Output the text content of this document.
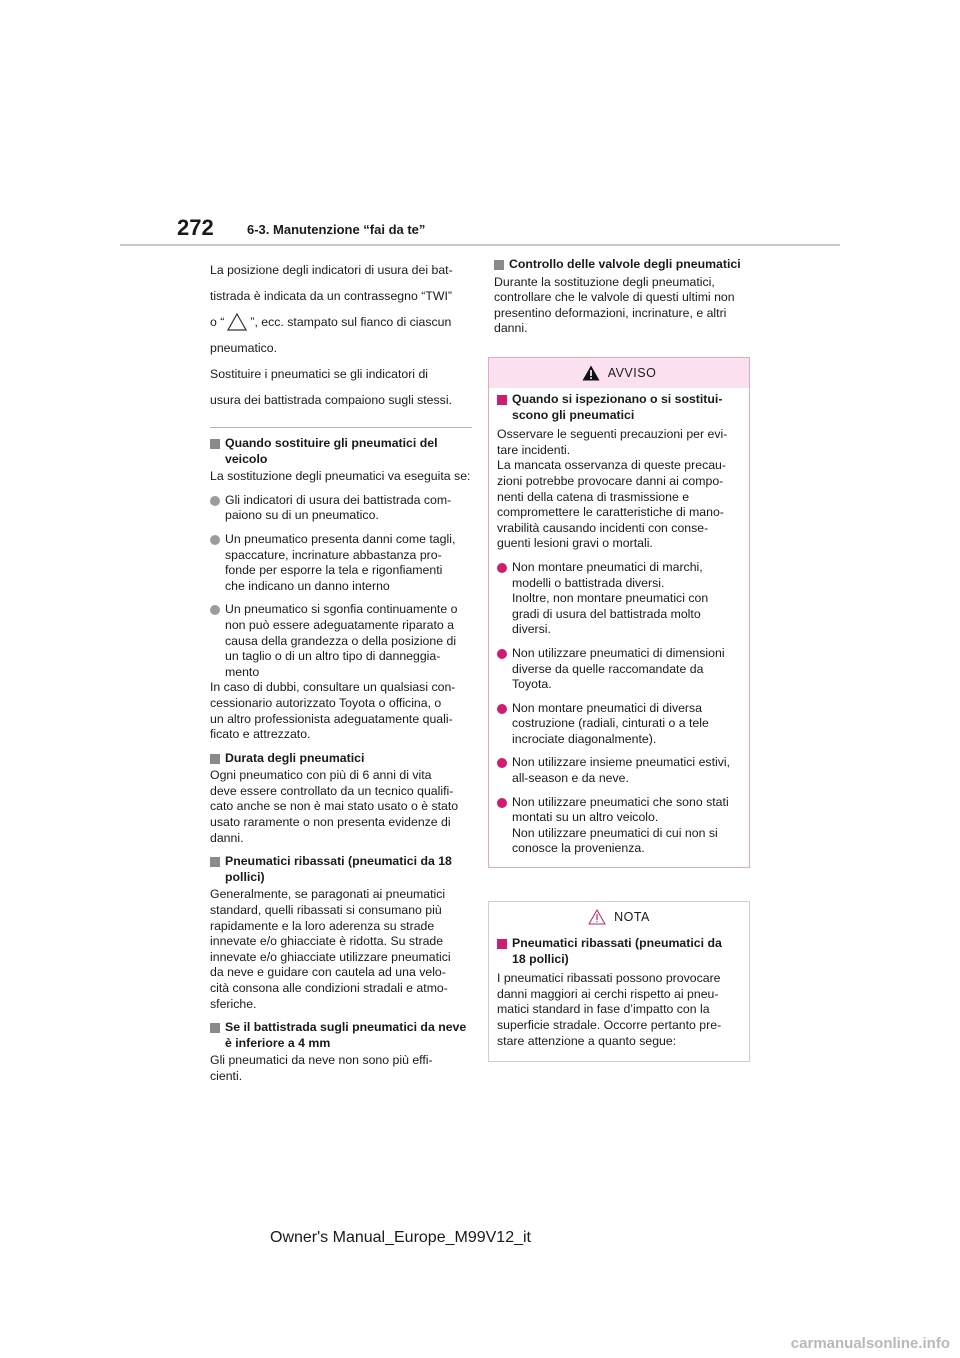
272	6-3. Manutenzione “fai da te”

La posizione degli indicatori di usura dei bat-

tistrada è indicata da un contrassegno “TWI”

o “ ”, ecc. stampato sul fianco di ciascun

pneumatico.

Sostituire i pneumatici se gli indicatori di

usura dei battistrada compaiono sugli stessi.

Quando sostituire gli pneumatici del veicolo
La sostituzione degli pneumatici va eseguita se:
Gli indicatori di usura dei battistrada com-
paiono su di un pneumatico.
Un pneumatico presenta danni come tagli,
spaccature, incrinature abbastanza pro-
fonde per esporre la tela e rigonfiamenti
che indicano un danno interno
Un pneumatico si sgonfia continuamente o
non può essere adeguatamente riparato a
causa della grandezza o della posizione di
un taglio o di un altro tipo di danneggia-
mento
In caso di dubbi, consultare un qualsiasi con-
cessionario autorizzato Toyota o officina, o
un altro professionista adeguatamente quali-
ficato e attrezzato.
Durata degli pneumatici
Ogni pneumatico con più di 6 anni di vita
deve essere controllato da un tecnico qualifi-
cato anche se non è mai stato usato o è stato
usato raramente o non presenta evidenze di
danni.
Pneumatici ribassati (pneumatici da 18 pollici)
Generalmente, se paragonati ai pneumatici
standard, quelli ribassati si consumano più
rapidamente e la loro aderenza su strade
innevate e/o ghiacciate è ridotta. Su strade
innevate e/o ghiacciate utilizzare pneumatici
da neve e guidare con cautela ad una velo-
cità consona alle condizioni stradali e atmo-
sferiche.
Se il battistrada sugli pneumatici da neve è inferiore a 4 mm
Gli pneumatici da neve non sono più effi-
cienti.
Controllo delle valvole degli pneumatici
Durante la sostituzione degli pneumatici,
controllare che le valvole di questi ultimi non
presentino deformazioni, incrinature, e altri
danni.
AVVISO
Quando si ispezionano o si sostitui-
scono gli pneumatici
Osservare le seguenti precauzioni per evi-
tare incidenti.
La mancata osservanza di queste precau-
zioni potrebbe provocare danni ai compo-
nenti della catena di trasmissione e
compromettere le caratteristiche di mano-
vrabilità causando incidenti con conse-
guenti lesioni gravi o mortali.
Non montare pneumatici di marchi,
modelli o battistrada diversi.
Inoltre, non montare pneumatici con
gradi di usura del battistrada molto
diversi.
Non utilizzare pneumatici di dimensioni
diverse da quelle raccomandate da
Toyota.
Non montare pneumatici di diversa
costruzione (radiali, cinturati o a tele
incrociate diagonalmente).
Non utilizzare insieme pneumatici estivi,
all-season e da neve.
Non utilizzare pneumatici che sono stati
montati su un altro veicolo.
Non utilizzare pneumatici di cui non si
conosce la provenienza.
NOTA
Pneumatici ribassati (pneumatici da
18 pollici)
I pneumatici ribassati possono provocare
danni maggiori ai cerchi rispetto ai pneu-
matici standard in fase d’impatto con la
superficie stradale. Occorre pertanto pre-
stare attenzione a quanto segue:
Owner's Manual_Europe_M99V12_it
carmanualsonline.info
